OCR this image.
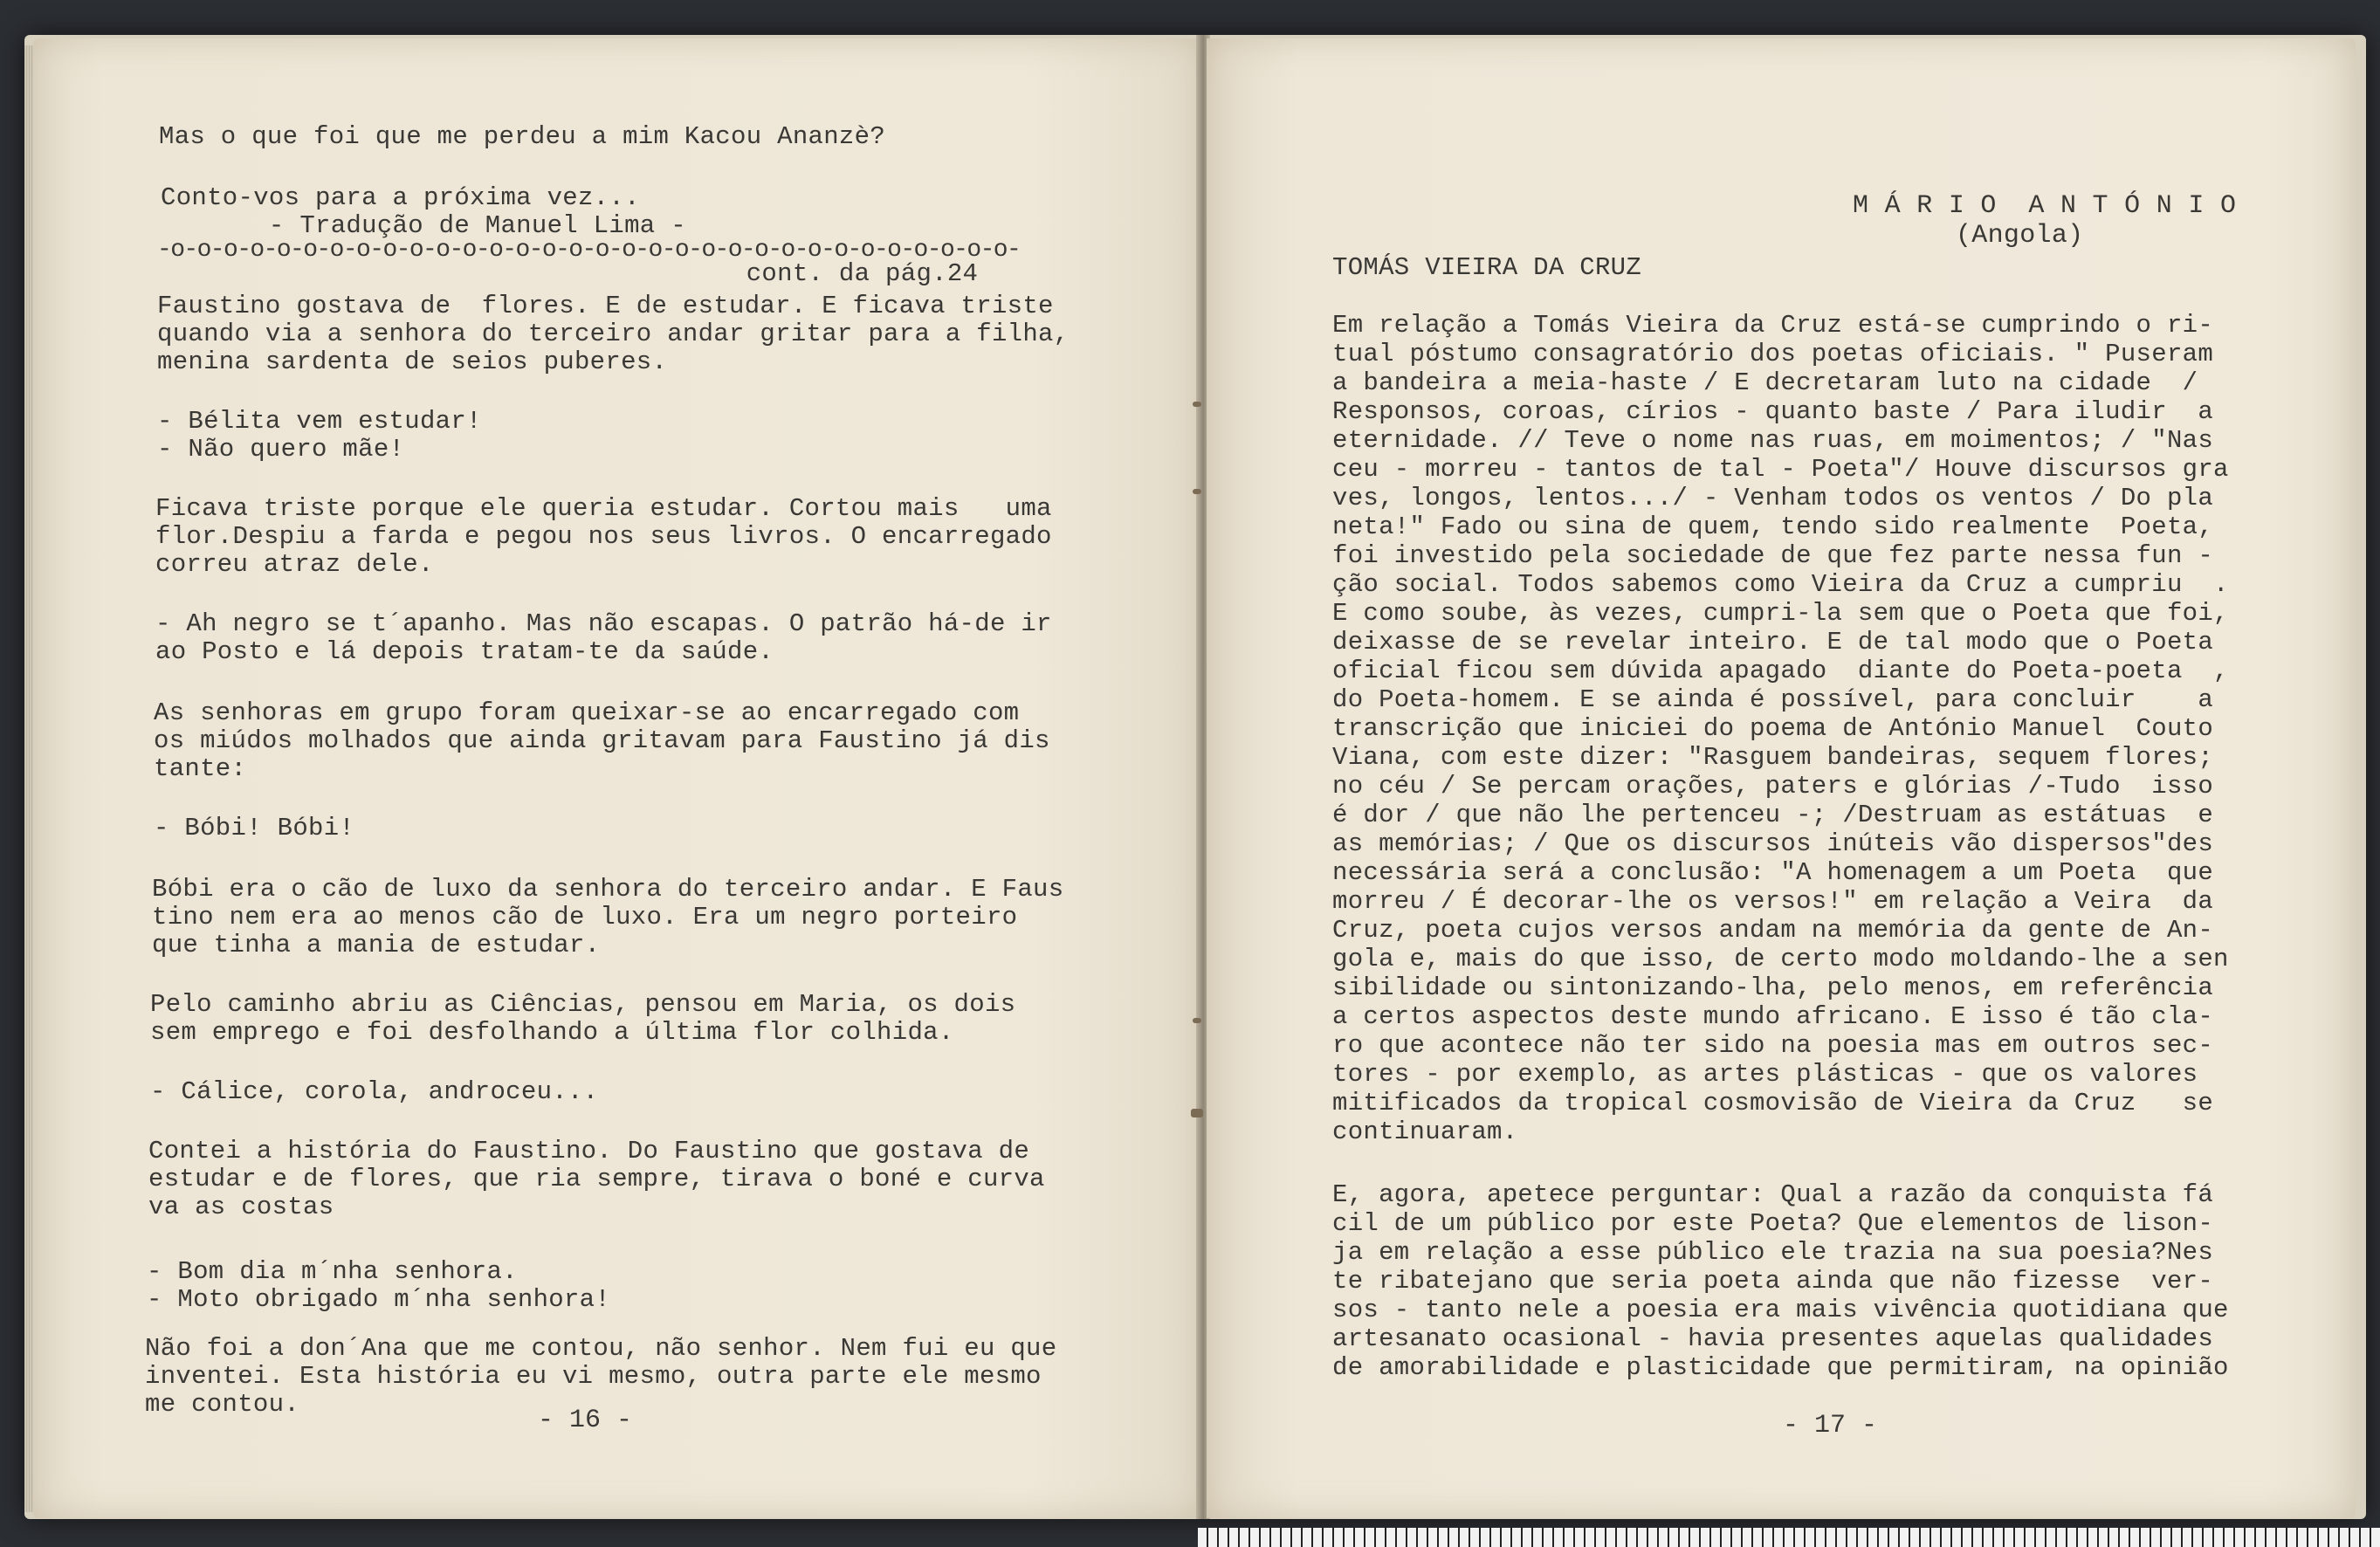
Mas o que foi que me perdeu a mim Kacou Ananzè?
Conto-vos para a próxima vez...
- Tradução de Manuel Lima -
-o-o-o-o-o-o-o-o-o-o-o-o-o-o-o-o-o-o-o-o-o-o-o-o-o-o-o-o-o-o-o-o-
cont. da pág.24
Faustino gostava de  flores. E de estudar. E ficava triste
quando via a senhora do terceiro andar gritar para a filha,
menina sardenta de seios puberes.
- Bélita vem estudar!
- Não quero mãe!
Ficava triste porque ele queria estudar. Cortou mais   uma
flor.Despiu a farda e pegou nos seus livros. O encarregado
correu atraz dele.
- Ah negro se t´apanho. Mas não escapas. O patrão há-de ir
ao Posto e lá depois tratam-te da saúde.
As senhoras em grupo foram queixar-se ao encarregado com
os miúdos molhados que ainda gritavam para Faustino já dis
tante:
- Bóbi! Bóbi!
Bóbi era o cão de luxo da senhora do terceiro andar. E Faus
tino nem era ao menos cão de luxo. Era um negro porteiro
que tinha a mania de estudar.
Pelo caminho abriu as Ciências, pensou em Maria, os dois
sem emprego e foi desfolhando a última flor colhida.
- Cálice, corola, androceu...
Contei a história do Faustino. Do Faustino que gostava de
estudar e de flores, que ria sempre, tirava o boné e curva
va as costas
- Bom dia m´nha senhora.
- Moto obrigado m´nha senhora!
Não foi a don´Ana que me contou, não senhor. Nem fui eu que
inventei. Esta história eu vi mesmo, outra parte ele mesmo
me contou.
- 16 -
M Á R I O  A N T Ó N I O
(Angola)
TOMÁS VIEIRA DA CRUZ
Em relação a Tomás Vieira da Cruz está-se cumprindo o ri-
tual póstumo consagratório dos poetas oficiais. " Puseram
a bandeira a meia-haste / E decretaram luto na cidade  /
Responsos, coroas, círios - quanto baste / Para iludir  a
eternidade. // Teve o nome nas ruas, em moimentos; / "Nas
ceu - morreu - tantos de tal - Poeta"/ Houve discursos gra
ves, longos, lentos.../ - Venham todos os ventos / Do pla
neta!" Fado ou sina de quem, tendo sido realmente  Poeta,
foi investido pela sociedade de que fez parte nessa fun -
ção social. Todos sabemos como Vieira da Cruz a cumpriu  .
E como soube, às vezes, cumpri-la sem que o Poeta que foi,
deixasse de se revelar inteiro. E de tal modo que o Poeta
oficial ficou sem dúvida apagado  diante do Poeta-poeta  ,
do Poeta-homem. E se ainda é possível, para concluir    a
transcrição que iniciei do poema de António Manuel  Couto
Viana, com este dizer: "Rasguem bandeiras, sequem flores;
no céu / Se percam orações, paters e glórias /-Tudo  isso
é dor / que não lhe pertenceu -; /Destruam as estátuas  e
as memórias; / Que os discursos inúteis vão dispersos"des
necessária será a conclusão: "A homenagem a um Poeta  que
morreu / É decorar-lhe os versos!" em relação a Veira  da
Cruz, poeta cujos versos andam na memória da gente de An-
gola e, mais do que isso, de certo modo moldando-lhe a sen
sibilidade ou sintonizando-lha, pelo menos, em referência
a certos aspectos deste mundo africano. E isso é tão cla-
ro que acontece não ter sido na poesia mas em outros sec-
tores - por exemplo, as artes plásticas - que os valores
mitificados da tropical cosmovisão de Vieira da Cruz   se
continuaram.
E, agora, apetece perguntar: Qual a razão da conquista fá
cil de um público por este Poeta? Que elementos de lison-
ja em relação a esse público ele trazia na sua poesia?Nes
te ribatejano que seria poeta ainda que não fizesse  ver-
sos - tanto nele a poesia era mais vivência quotidiana que
artesanato ocasional - havia presentes aquelas qualidades
de amorabilidade e plasticidade que permitiram, na opinião
- 17 -
